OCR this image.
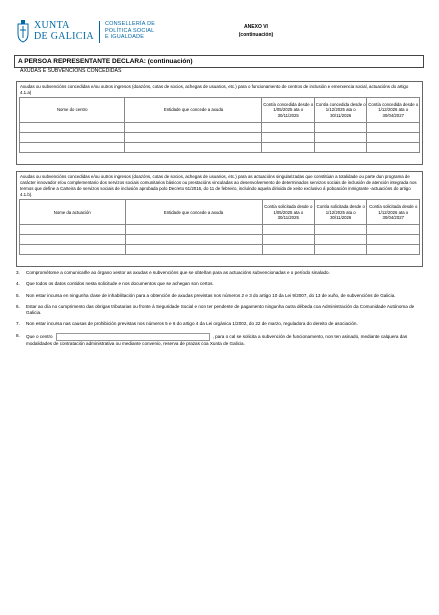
XUNTA
DE GALICIA
CONSELLERÍA DE
POLÍTICA SOCIAL
E IGUALDADE
ANEXO VI
(continuación)
A PERSOA REPRESENTANTE DECLARA: (continuación)
AXUDAS E SUBVENCIÓNS CONCEDIDAS
Axudas ou subvencións concedidas e/ou outros ingresos (doazóns, cotas de socios, achegas de usuarios, etc.) para o funcionamento de centros de inclusión e emerxencia social, actuacións do artigo 4.1.a)
Nome do centro	Entidade que concede a axuda	Contía concedida desde o 1/05/2025 ata o 30/11/2025	Contía concedida desde o 1/12/2025 ata o 30/11/2026	Contía concedida desde o 1/12/2026 ata o 30/04/2027

Axudas ou subvencións concedidas e/ou outros ingresos (doazóns, cotas de socios, achegas de usuarios, etc.) para as actuacións singularizadas que constitúan a totalidade ou parte dun programa de carácter innovador e/ou complementario dos servizos sociais comunitarios básicos ou prestacións vinculadas ao desenvolvemento de determinados servizos sociais de inclusión de atención integrada nos termos que define a Carteira de servizos sociais de inclusión aprobada polo Decreto 61/2016, do 11 de febreiro, incluíndo aquela dirixida de xeito exclusivo á poboación inmigrante -actuacións do artigo 4.1.b).
Nome da actuación	Entidade que concede a axuda	Contía solicitada desde o 1/05/2025 ata o 30/11/2025	Contía solicitada desde o 1/12/2025 ata o 30/11/2026	Contía solicitada desde o 1/12/2026 ata o 30/04/2027

3.	Comprométome a comunicarlle ao órgano xestor as axudas e subvencións que se obteñan para as actuacións subvencionadas e o período sinalado.
4.	Que todos os datos contidos nesta solicitude e nos documentos que se achegan son certos.
5.	Non estar incursa en ningunha clase de inhabilitación para a obtención de axudas previstas nos números 2 e 3 do artigo 10 da Lei 9/2007, do 13 de xuño, de subvencións de Galicia.
6.	Estar ao día no cumprimento das obrigas tributarias ou fronte á Seguridade Social e non ter pendente de pagamento ningunha outra débeda coa Administración da Comunidade Autónoma de Galicia.
7.	Non estar incursa nas causas de prohibición previstas nos números 5 e 6 do artigo 4 da Lei orgánica 1/2002, do 22 de marzo, reguladora do dereito de asociación.
8.	Que o centro	, para o cal se solicita a subvención de funcionamento, non ten asinado, mediante calquera das modalidades de contratación administrativa ou mediante convenio, reserva de prazas coa Xunta de Galicia.
